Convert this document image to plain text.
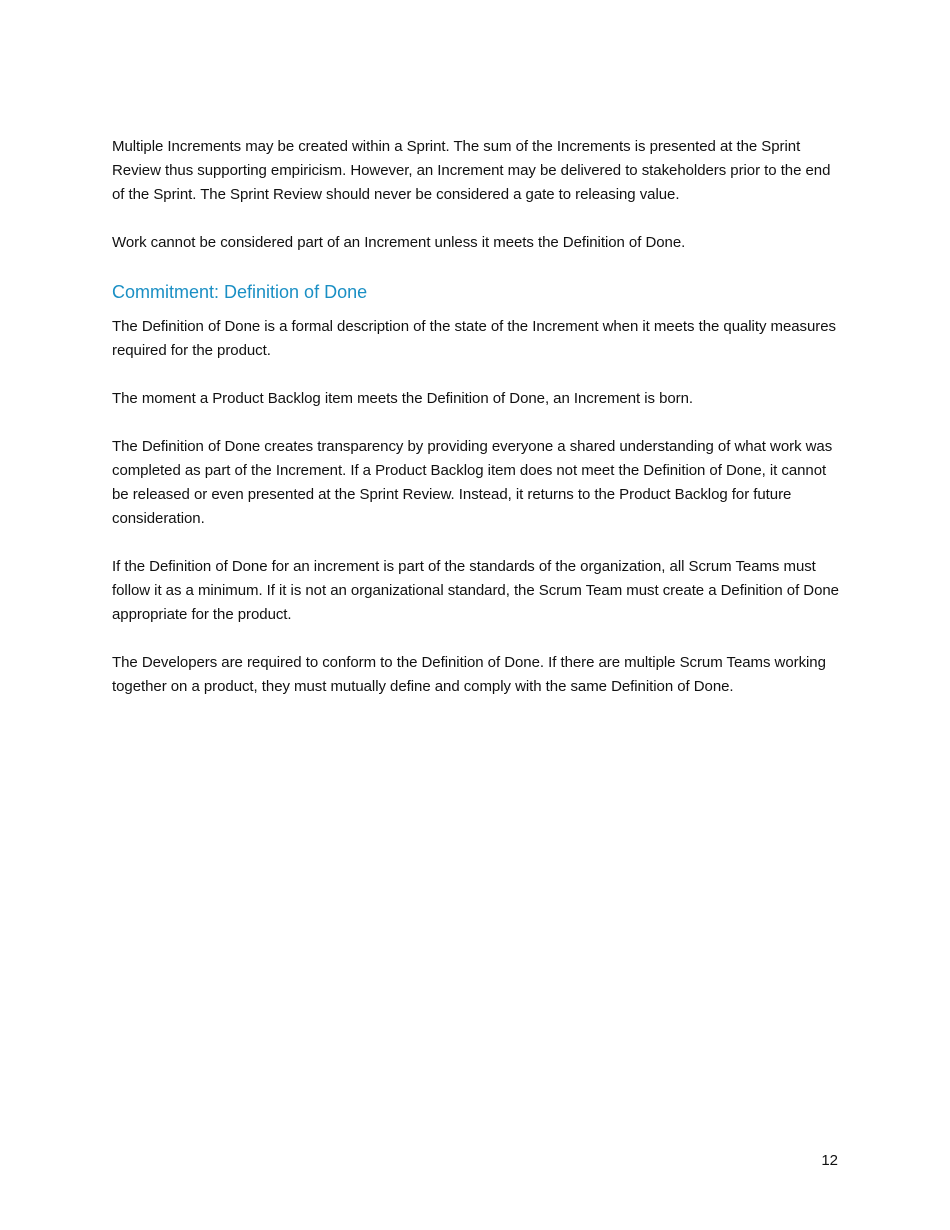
Multiple Increments may be created within a Sprint. The sum of the Increments is presented at the Sprint Review thus supporting empiricism. However, an Increment may be delivered to stakeholders prior to the end of the Sprint. The Sprint Review should never be considered a gate to releasing value.

Work cannot be considered part of an Increment unless it meets the Definition of Done.

Commitment: Definition of Done

The Definition of Done is a formal description of the state of the Increment when it meets the quality measures required for the product.

The moment a Product Backlog item meets the Definition of Done, an Increment is born.

The Definition of Done creates transparency by providing everyone a shared understanding of what work was completed as part of the Increment. If a Product Backlog item does not meet the Definition of Done, it cannot be released or even presented at the Sprint Review. Instead, it returns to the Product Backlog for future consideration.

If the Definition of Done for an increment is part of the standards of the organization, all Scrum Teams must follow it as a minimum. If it is not an organizational standard, the Scrum Team must create a Definition of Done appropriate for the product.

The Developers are required to conform to the Definition of Done. If there are multiple Scrum Teams working together on a product, they must mutually define and comply with the same Definition of Done.

12
